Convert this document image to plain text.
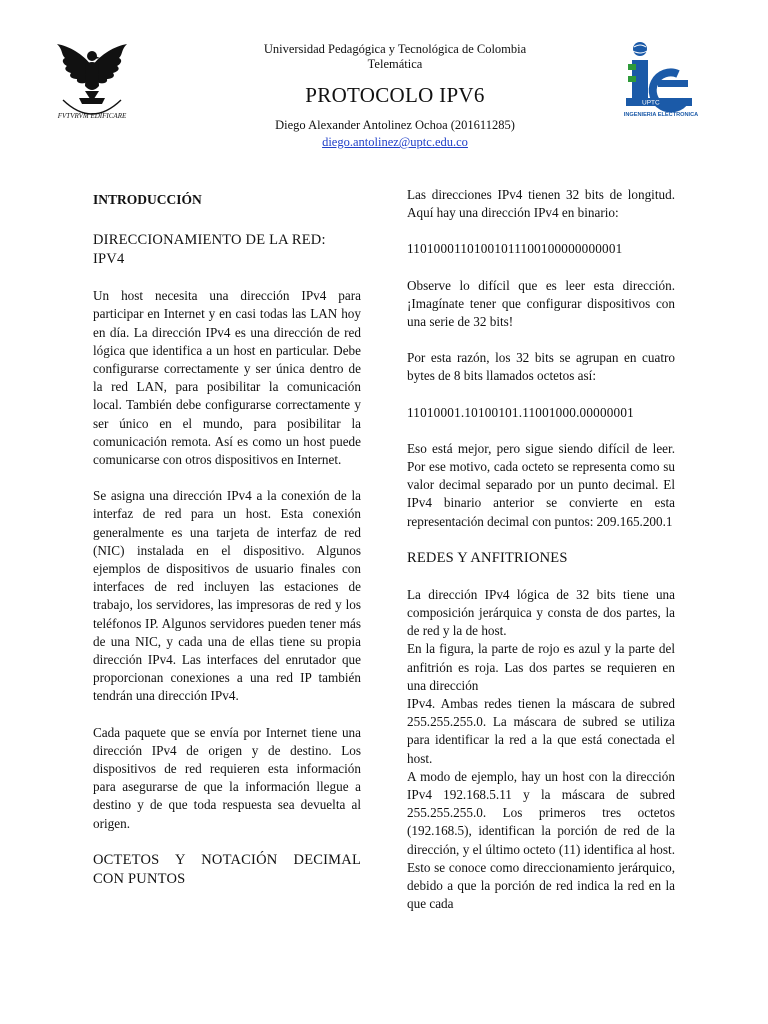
FVTVRVM EDIFICARE
Universidad Pedagógica y Tecnológica de Colombia
Telemática
PROTOCOLO IPV6
Diego Alexander Antolinez Ochoa (201611285)
diego.antolinez@uptc.edu.co
UPTC
INGENIERIA ELECTRONICA
INTRODUCCIÓN
DIRECCIONAMIENTO DE LA RED:
IPV4

Un host necesita una dirección IPv4 para participar en Internet y en casi todas las LAN hoy en día. La dirección IPv4 es una dirección de red lógica que identifica a un host en particular. Debe configurarse correctamente y ser única dentro de la red LAN, para posibilitar la comunicación local. También debe configurarse correctamente y ser único en el mundo, para posibilitar la comunicación remota. Así es como un host puede comunicarse con otros dispositivos en Internet.

Se asigna una dirección IPv4 a la conexión de la interfaz de red para un host. Esta conexión generalmente es una tarjeta de interfaz de red (NIC) instalada en el dispositivo. Algunos ejemplos de dispositivos de usuario finales con interfaces de red incluyen las estaciones de trabajo, los servidores, las impresoras de red y los teléfonos IP. Algunos servidores pueden tener más de una NIC, y cada una de ellas tiene su propia dirección IPv4. Las interfaces del enrutador que proporcionan conexiones a una red IP también tendrán una dirección IPv4.

Cada paquete que se envía por Internet tiene una dirección IPv4 de origen y de destino. Los dispositivos de red requieren esta información para asegurarse de que la información llegue a destino y de que toda respuesta sea devuelta al origen.

OCTETOS Y NOTACIÓN DECIMAL
CON PUNTOS

Las direcciones IPv4 tienen 32 bits de longitud. Aquí hay una dirección IPv4 en binario:

11010001101001011100100000000001

Observe lo difícil que es leer esta dirección. ¡Imagínate tener que configurar dispositivos con una serie de 32 bits!

Por esta razón, los 32 bits se agrupan en cuatro bytes de 8 bits llamados octetos así:

11010001.10100101.11001000.00000001

Eso está mejor, pero sigue siendo difícil de leer. Por ese motivo, cada octeto se representa como su valor decimal separado por un punto decimal. El IPv4 binario anterior se convierte en esta representación decimal con puntos: 209.165.200.1

REDES Y ANFITRIONES

La dirección IPv4 lógica de 32 bits tiene una composición jerárquica y consta de dos partes, la de red y la de host.

En la figura, la parte de rojo es azul y la parte del anfitrión es roja. Las dos partes se requieren en una dirección

IPv4. Ambas redes tienen la máscara de subred 255.255.255.0. La máscara de subred se utiliza para identificar la red a la que está conectada el host.

A modo de ejemplo, hay un host con la dirección IPv4 192.168.5.11 y la máscara de subred 255.255.255.0. Los primeros tres octetos (192.168.5), identifican la porción de red de la dirección, y el último octeto (11) identifica al host. Esto se conoce como direccionamiento jerárquico, debido a que la porción de red indica la red en la que cada
